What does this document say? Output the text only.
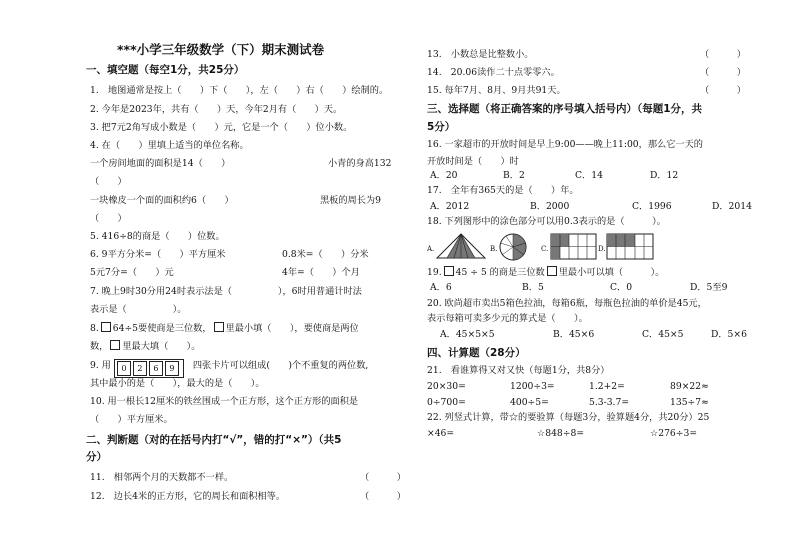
***小学三年级数学（下）期末测试卷
一、填空题（每空1分，共25分）
1.　地图通常是按上（　　）下（　　），左（　　）右（　　）绘制的。
2. 今年是2023年，共有（　　）天，今年2月有（　　）天。
3. 把7元2角写成小数是（　　）元，它是一个（　　）位小数。
4. 在（　　）里填上适当的单位名称。
一个房间地面的面积是14（　　）	小青的身高132
（　　）
一块橡皮一个面的面积约6（　　）	黑板的周长为9
（　　）
5. 416÷8的商是（　　）位数。
6. 9平方分米=（　　）平方厘米	0.8米=（　　）分米
5元7分=（　　）元	4年=（　　）个月
7. 晚上9时30分用24时表示法是（　　　　　），6时用普通计时法
表示是（　　　　　）。
8. 64÷5要使商是三位数， 里最小填（　　），要使商是两位
数， 里最大填（　　）。
9. 用 0 2 6 9 四张卡片可以组成(　　)个不重复的两位数,
其中最小的是（　　），最大的是（　　）。
10. 用一根长12厘米的铁丝围成一个正方形，这个正方形的面积是
（　　）平方厘米。
二、判断题（对的在括号内打“√”，错的打“×”）（共5
分）
11.　相邻两个月的天数都不一样。	（　　　）
12.　边长4米的正方形，它的周长和面积相等。	（　　　）
13.　小数总是比整数小。	（　　　）
14.　20.06读作二十点零零六。	（　　　）
15. 每年7月、8月、9月共91天。	（　　　）
三、选择题（将正确答案的序号填入括号内）（每题1分，共
5分）
16. 一家超市的开放时间是早上9:00——晚上11:00，那么它一天的
开放时间是（　　）时
A．20	B．2	C．14	D．12
17.　全年有365天的是（　　）年。
A．2012	B．2000	C．1996	D．2014
18. 下列图形中的涂色部分可以用0.3表示的是（　　　）。
A.	B.	C.	D.
19. 45 ÷ 5 的商是三位数 里最小可以填（　　　）。
A．6	B．5	C．0	D．5至9
20. 欧尚超市卖出5箱色拉油，每箱6瓶，每瓶色拉油的单价是45元，
表示每箱可卖多少元的算式是（　　）。
A．45×5×5	B．45×6	C．45×5	D．5×6
四、计算题（28分）
21.　看谁算得又对又快（每题1分，共8分）
20×30=	1200÷3=	1.2+2=	89×22≈
0÷700=	400÷5=	5.3-3.7=	135÷7≈
22. 列竖式计算，带☆的要验算（每题3分，验算题4分，共20分）25
×46=	☆848÷8=	☆276÷3=
